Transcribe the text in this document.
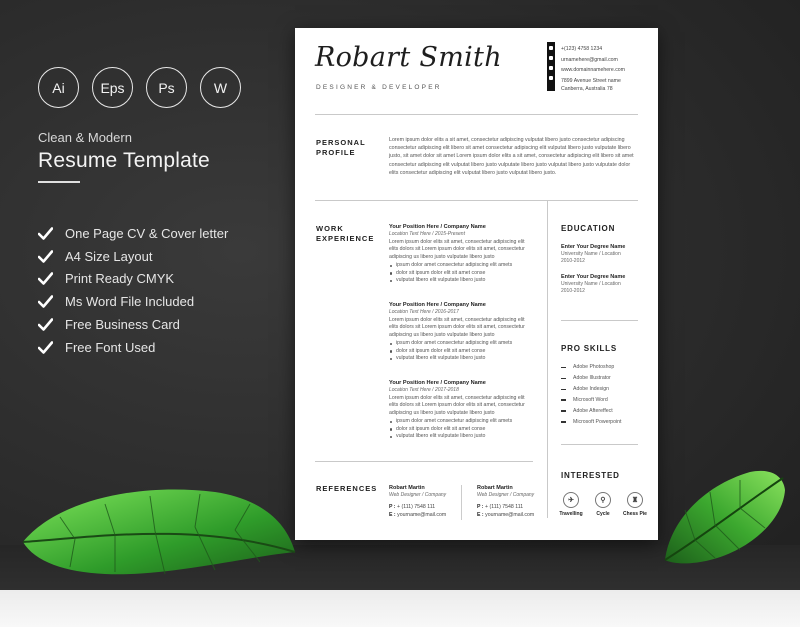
Ai	Eps	Ps	W
Clean & Modern
Resume Template
One Page CV & Cover letter
A4 Size Layout
Print Ready CMYK
Ms Word File Included
Free Business Card
Free Font Used
Robart Smith
DESIGNER & DEVELOPER
+(123) 4758 1234
urnamehere@gmail.com
www.domainnamehere.com
7899 Avenue Street name
Canberra, Australia 78
PERSONAL
PROFILE
Lorem ipsum dolor elits a sit amet, consectetur adipiscing vulputat libero justo consectetur adipiscing consectetur adipiscing elit libero sit amet consectetur adipiscing elit vulputat libero justo vulputate libero justo, sit amet dolor sit amet Lorem ipsum dolor elits a sit amet, consectetur adipiscing elit libero sit amet consectetur adipiscing elit vulputat libero justo vulputate libero justo vulputat libero justo vulputate dolor elits consectetur adipiscing elit vulputat libero justo vulputat libero justo.
WORK
EXPERIENCE
Your Position Here / Company Name
Location Text Here / 2015-Present
Lorem ipsum dolor elits sit amet, consectetur adipiscing elit elits dolors sit Lorem ipsum dolor elits sit amet, consectetur adipiscing us libero justo vulputate libero justo
ipsum dolor amet consectetur adipiscing elit amets
dolor sit ipsum dolor elit sit amet conse
vulputat libero elit vulputate libero justo
Your Position Here / Company Name
Location Text Here / 2016-2017
Lorem ipsum dolor elits sit amet, consectetur adipiscing elit elits dolors sit Lorem ipsum dolor elits sit amet, consectetur adipiscing us libero justo vulputate libero justo
ipsum dolor amet consectetur adipiscing elit amets
dolor sit ipsum dolor elit sit amet conse
vulputat libero elit vulputate libero justo
Your Position Here / Company Name
Location Text Here / 2017-2018
Lorem ipsum dolor elits sit amet, consectetur adipiscing elit elits dolors sit Lorem ipsum dolor elits sit amet, consectetur adipiscing us libero justo vulputate libero justo
ipsum dolor amet consectetur adipiscing elit amets
dolor sit ipsum dolor elit sit amet conse
vulputat libero elit vulputate libero justo
REFERENCES Robart Martin
Web Designer / Company
P : + (111) 7548 111
E : yourname@mail.com
Robart Martin
Web Designer / Company
P : + (111) 7548 111
E : yourname@mail.com
EDUCATION
Enter Your Degree Name
University Name / Location
2010-2012
Enter Your Degree Name
University Name / Location
2010-2012
PRO SKILLS
Adobe Photoshop
Adobe Illustrator
Adobe Indesign
Microsoft Word
Adobe Aftereffect
Microsoft Powerpoint
INTERESTED
✈
Travelling
⚲
Cycle
♜
Chess Pie
